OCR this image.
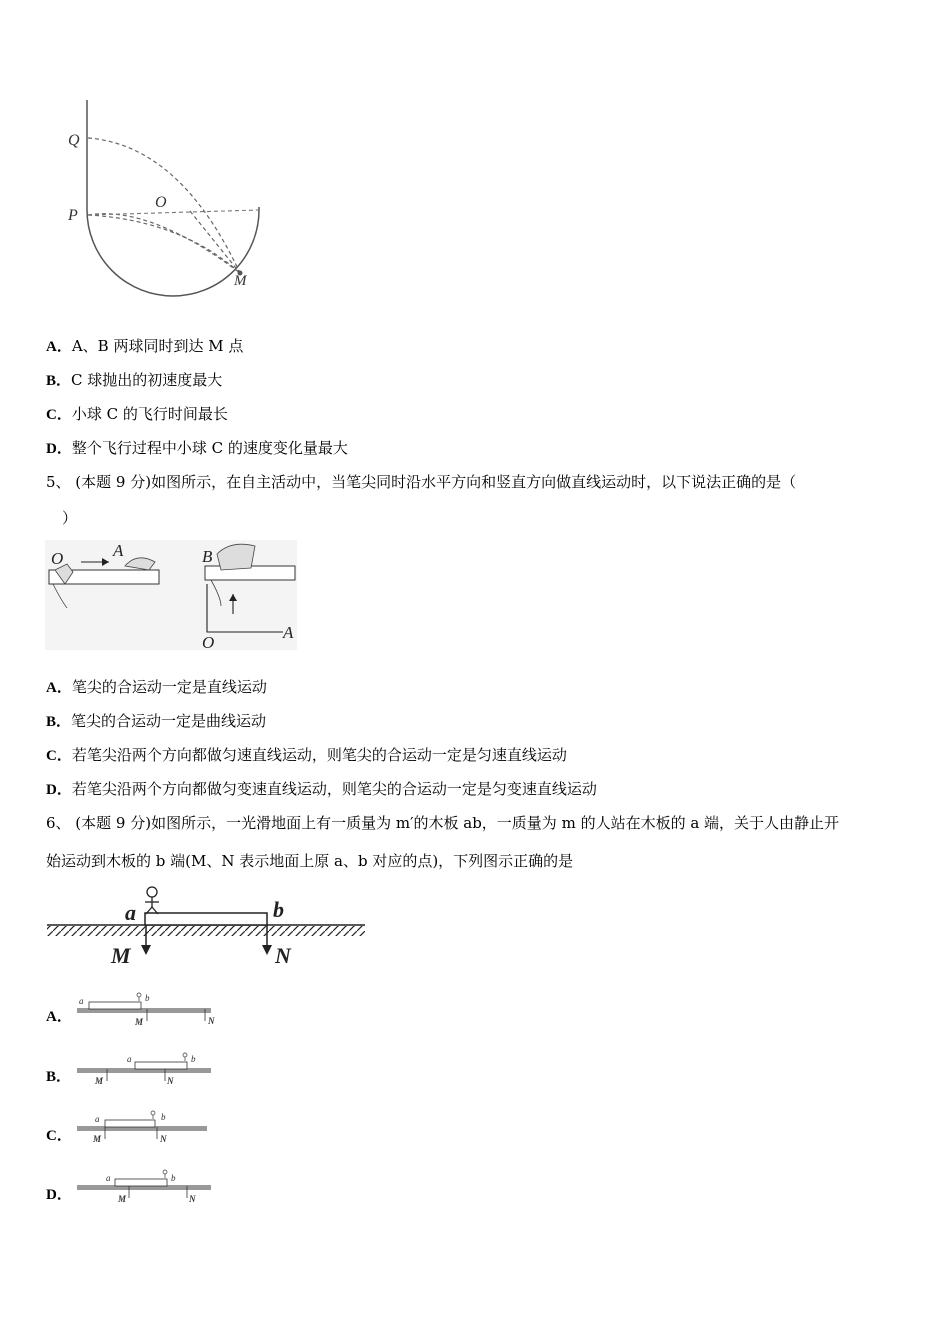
Q
P
O
M
A．A、B 两球同时到达 M 点
B．C 球抛出的初速度最大
C．小球 C 的飞行时间最长
D．整个飞行过程中小球 C 的速度变化量最大
5、 (本题 9 分)如图所示，在自主活动中，当笔尖同时沿水平方向和竖直方向做直线运动时，以下说法正确的是（
）
O	A	B
O
A
A．笔尖的合运动一定是直线运动
B．笔尖的合运动一定是曲线运动
C．若笔尖沿两个方向都做匀速直线运动，则笔尖的合运动一定是匀速直线运动
D．若笔尖沿两个方向都做匀变速直线运动，则笔尖的合运动一定是匀变速直线运动
6、 (本题 9 分)如图所示，一光滑地面上有一质量为 m′的木板 ab，一质量为 m 的人站在木板的 a 端，关于人由静止开
始运动到木板的 b 端(M、N 表示地面上原 a、b 对应的点)，下列图示正确的是
a	b
M	N
A．
a	b
M	N
B．
a	b
M	N
C．
a	b
M	N
D．
a	b
M	N
